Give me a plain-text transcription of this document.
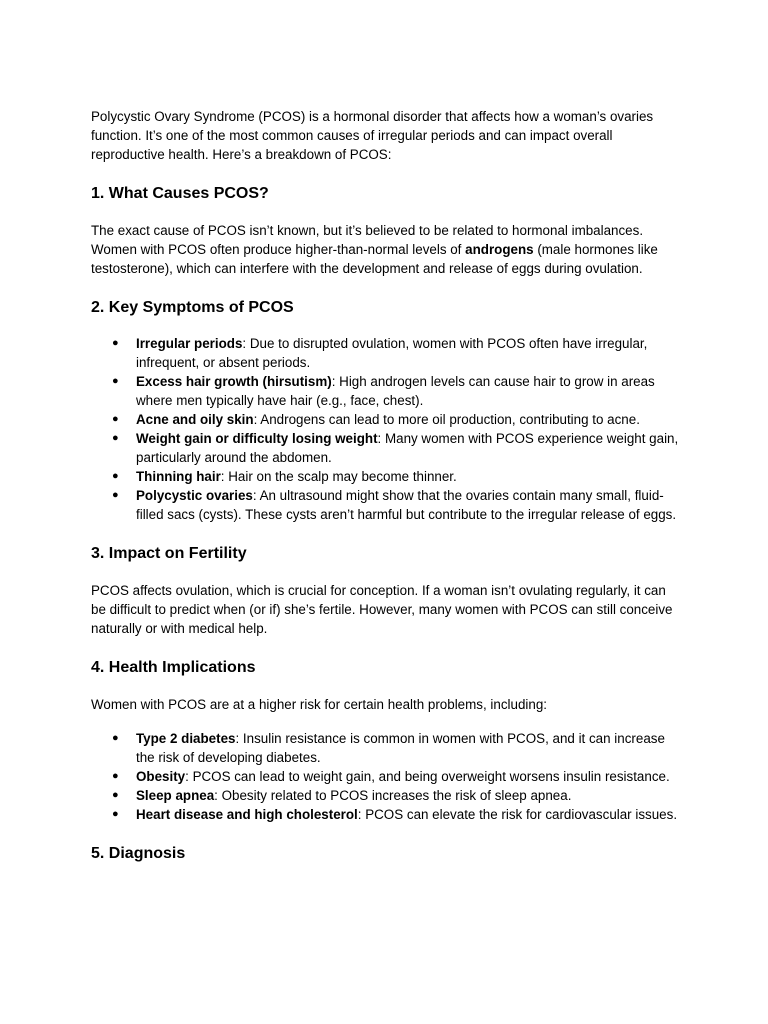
Polycystic Ovary Syndrome (PCOS) is a hormonal disorder that affects how a woman’s ovaries function. It’s one of the most common causes of irregular periods and can impact overall reproductive health. Here’s a breakdown of PCOS:

1. What Causes PCOS?

The exact cause of PCOS isn’t known, but it’s believed to be related to hormonal imbalances. Women with PCOS often produce higher-than-normal levels of androgens (male hormones like testosterone), which can interfere with the development and release of eggs during ovulation.

2. Key Symptoms of PCOS
● Irregular periods: Due to disrupted ovulation, women with PCOS often have irregular, infrequent, or absent periods.
● Excess hair growth (hirsutism): High androgen levels can cause hair to grow in areas where men typically have hair (e.g., face, chest).
● Acne and oily skin: Androgens can lead to more oil production, contributing to acne.
● Weight gain or difficulty losing weight: Many women with PCOS experience weight gain, particularly around the abdomen.
● Thinning hair: Hair on the scalp may become thinner.
● Polycystic ovaries: An ultrasound might show that the ovaries contain many small, fluid-filled sacs (cysts). These cysts aren’t harmful but contribute to the irregular release of eggs.
3. Impact on Fertility

PCOS affects ovulation, which is crucial for conception. If a woman isn’t ovulating regularly, it can be difficult to predict when (or if) she’s fertile. However, many women with PCOS can still conceive naturally or with medical help.

4. Health Implications

Women with PCOS are at a higher risk for certain health problems, including:

● Type 2 diabetes: Insulin resistance is common in women with PCOS, and it can increase the risk of developing diabetes.
● Obesity: PCOS can lead to weight gain, and being overweight worsens insulin resistance.
● Sleep apnea: Obesity related to PCOS increases the risk of sleep apnea.
● Heart disease and high cholesterol: PCOS can elevate the risk for cardiovascular issues.
5. Diagnosis
